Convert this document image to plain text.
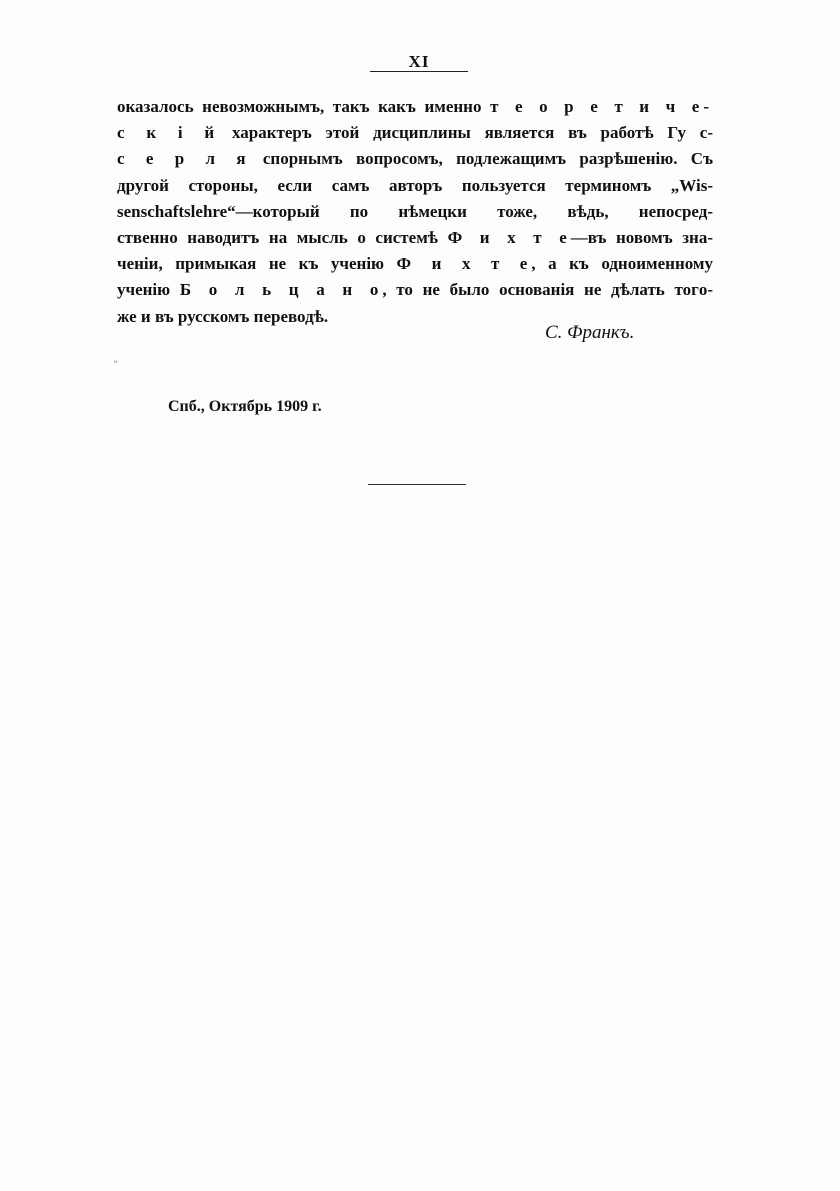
XI
оказалось невозможнымъ, такъ какъ именно т е о р е т и ч е-
с к і й характеръ этой дисциплины является въ работѣ Гу с-
с е р л я спорнымъ вопросомъ, подлежащимъ разрѣшенію. Съ
другой стороны, если самъ авторъ пользуется терминомъ „Wis-
senschaftslehre“—который по нѣмецки тоже, вѣдь, непосред-
ственно наводитъ на мысль о системѣ Ф и х т е—въ новомъ зна-
ченіи, примыкая не къ ученію Ф и х т е, а къ одноименному
ученію Б о л ь ц а н о, то не было основанія не дѣлать тогo-
же и въ русскомъ переводѣ.
С. Франкъ.
ᵕ
Спб., Октябрь 1909 г.
